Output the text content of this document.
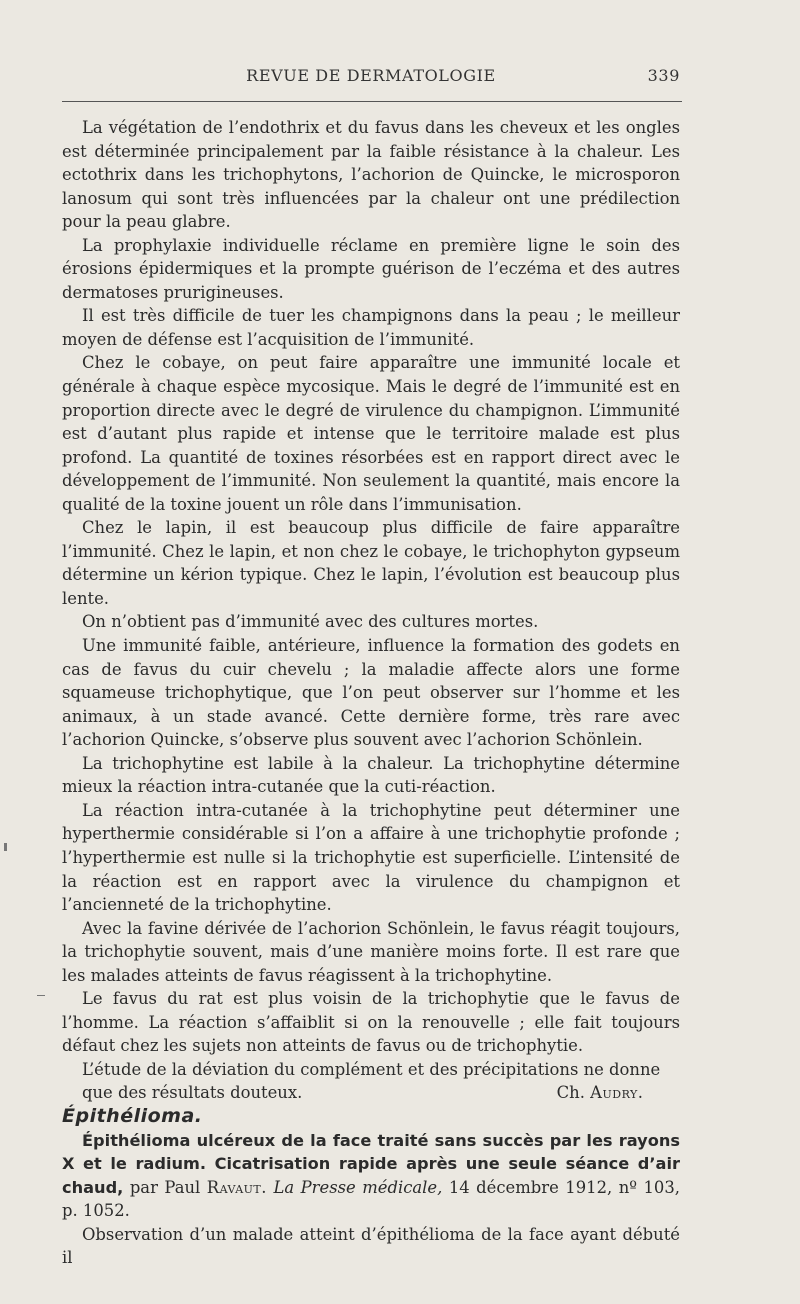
REVUE DE DERMATOLOGIE	339

La végétation de l’endothrix et du favus dans les cheveux et les ongles est déterminée principalement par la faible résistance à la chaleur. Les ectothrix dans les trichophytons, l’achorion de Quincke, le microsporon lanosum qui sont très influencées par la chaleur ont une prédilection pour la peau glabre.

La prophylaxie individuelle réclame en première ligne le soin des érosions épidermiques et la prompte guérison de l’eczéma et des autres dermatoses prurigineuses.

Il est très difficile de tuer les champignons dans la peau ; le meilleur moyen de défense est l’acquisition de l’immunité.

Chez le cobaye, on peut faire apparaître une immunité locale et générale à chaque espèce mycosique. Mais le degré de l’immunité est en proportion directe avec le degré de virulence du champignon. L’immunité est d’autant plus rapide et intense que le territoire malade est plus profond. La quantité de toxines résorbées est en rapport direct avec le développement de l’immunité. Non seulement la quantité, mais encore la qualité de la toxine jouent un rôle dans l’immunisation.

Chez le lapin, il est beaucoup plus difficile de faire apparaître l’immunité. Chez le lapin, et non chez le cobaye, le trichophyton gypseum détermine un kérion typique. Chez le lapin, l’évolution est beaucoup plus lente.

On n’obtient pas d’immunité avec des cultures mortes.

Une immunité faible, antérieure, influence la formation des godets en cas de favus du cuir chevelu ; la maladie affecte alors une forme squameuse trichophytique, que l’on peut observer sur l’homme et les animaux, à un stade avancé. Cette dernière forme, très rare avec l’achorion Quincke, s’observe plus souvent avec l’achorion Schönlein.

La trichophytine est labile à la chaleur. La trichophytine détermine mieux la réaction intra-cutanée que la cuti-réaction.

La réaction intra-cutanée à la trichophytine peut déterminer une hyperthermie considérable si l’on a affaire à une trichophytie profonde ; l’hyperthermie est nulle si la trichophytie est superficielle. L’intensité de la réaction est en rapport avec la virulence du champignon et l’ancienneté de la trichophytine.

Avec la favine dérivée de l’achorion Schönlein, le favus réagit toujours, la trichophytie souvent, mais d’une manière moins forte. Il est rare que les malades atteints de favus réagissent à la trichophytine.

Le favus du rat est plus voisin de la trichophytie que le favus de l’homme. La réaction s’affaiblit si on la renouvelle ; elle fait toujours défaut chez les sujets non atteints de favus ou de trichophytie.

L’étude de la déviation du complément et des précipitations ne donne

que des résultats douteux.	Ch. Audry.

Épithélioma.

Épithélioma ulcéreux de la face traité sans succès par les rayons X et le radium. Cicatrisation rapide après une seule séance d’air chaud, par Paul Ravaut. La Presse médicale, 14 décembre 1912, nº 103, p. 1052.

Observation d’un malade atteint d’épithélioma de la face ayant débuté il
